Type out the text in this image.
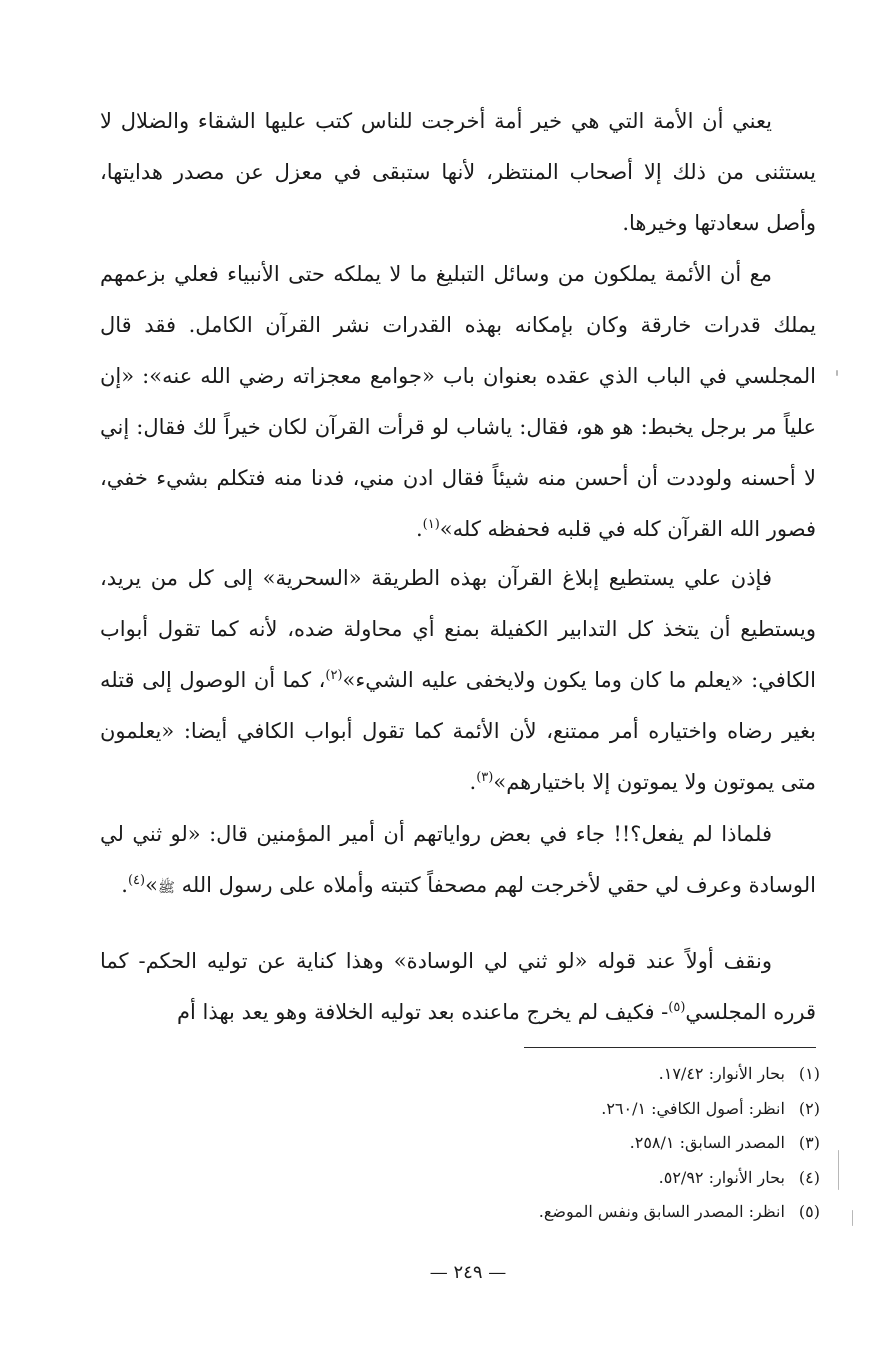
يعني أن الأمة التي هي خير أمة أخرجت للناس كتب عليها الشقاء والضلال لا يستثنى من ذلك إلا أصحاب المنتظر، لأنها ستبقى في معزل عن مصدر هدايتها، وأصل سعادتها وخيرها.

مع أن الأئمة يملكون من وسائل التبليغ ما لا يملكه حتى الأنبياء فعلي بزعمهم يملك قدرات خارقة وكان بإمكانه بهذه القدرات نشر القرآن الكامل. فقد قال المجلسي في الباب الذي عقده بعنوان باب «جوامع معجزاته رضي الله عنه»: «إن علياً مر برجل يخبط: هو هو، فقال: ياشاب لو قرأت القرآن لكان خيراً لك فقال: إني لا أحسنه ولوددت أن أحسن منه شيئاً فقال ادن مني، فدنا منه فتكلم بشيء خفي، فصور الله القرآن كله في قلبه فحفظه كله»$^{(١)}$.

فإذن علي يستطيع إبلاغ القرآن بهذه الطريقة «السحرية» إلى كل من يريد، ويستطيع أن يتخذ كل التدابير الكفيلة بمنع أي محاولة ضده، لأنه كما تقول أبواب الكافي: «يعلم ما كان وما يكون ولايخفى عليه الشيء»$^{(٢)}$، كما أن الوصول إلى قتله بغير رضاه واختياره أمر ممتنع، لأن الأئمة كما تقول أبواب الكافي أيضا: «يعلمون متى يموتون ولا يموتون إلا باختيارهم»$^{(٣)}$.

فلماذا لم يفعل؟!! جاء في بعض رواياتهم أن أمير المؤمنين قال: «لو ثني لي الوسادة وعرف لي حقي لأخرجت لهم مصحفاً كتبته وأملاه على رسول الله ﷺ»$^{(٤)}$.

ونقف أولاً عند قوله «لو ثني لي الوسادة» وهذا كناية عن توليه الحكم- كما قرره المجلسي$^{(٥)}$- فكيف لم يخرج ماعنده بعد توليه الخلافة وهو يعد بهذا أم

(١)بحار الأنوار: ١٧/٤٢.
(٢)انظر: أصول الكافي: ٢٦٠/١.
(٣)المصدر السابق: ٢٥٨/١.
(٤)بحار الأنوار: ٥٢/٩٢.
(٥)انظر: المصدر السابق ونفس الموضع.
— ٢٤٩ —
